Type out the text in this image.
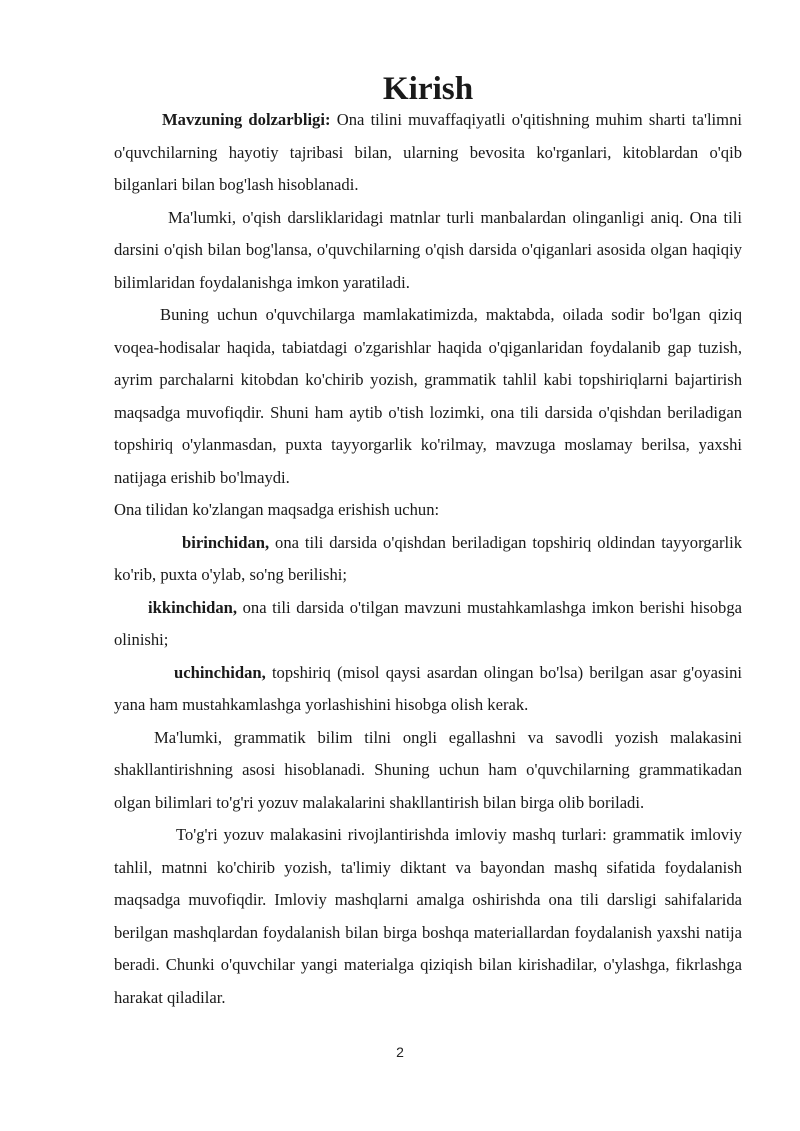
Kirish

Mavzuning dolzarbligi: Ona tilini muvaffaqiyatli o'qitishning muhim sharti ta'limni o'quvchilarning hayotiy tajribasi bilan, ularning bevosita ko'rganlari, kitoblardan o'qib bilganlari bilan bog'lash hisoblanadi.

Ma'lumki, o'qish darsliklaridagi matnlar turli manbalardan olinganligi aniq. Ona tili darsini o'qish bilan bog'lansa, o'quvchilarning o'qish darsida o'qiganlari asosida olgan haqiqiy bilimlaridan foydalanishga imkon yaratiladi.

Buning uchun o'quvchilarga mamlakatimizda, maktabda, oilada sodir bo'lgan qiziq voqea-hodisalar haqida, tabiatdagi o'zgarishlar haqida o'qiganlaridan foydalanib gap tuzish, ayrim parchalarni kitobdan ko'chirib yozish, grammatik tahlil kabi topshiriqlarni bajartirish maqsadga muvofiqdir. Shuni ham aytib o'tish lozimki, ona tili darsida o'qishdan beriladigan topshiriq o'ylanmasdan, puxta tayyorgarlik ko'rilmay, mavzuga moslamay berilsa, yaxshi natijaga erishib bo'lmaydi.

Ona tilidan ko'zlangan maqsadga erishish uchun:

birinchidan, ona tili darsida o'qishdan beriladigan topshiriq oldindan tayyorgarlik ko'rib, puxta o'ylab, so'ng berilishi;

ikkinchidan, ona tili darsida o'tilgan mavzuni mustahkamlashga imkon berishi hisobga olinishi;

uchinchidan, topshiriq (misol qaysi asardan olingan bo'lsa) berilgan asar g'oyasini yana ham mustahkamlashga yorlashishini hisobga olish kerak.

Ma'lumki, grammatik bilim tilni ongli egallashni va savodli yozish malakasini shakllantirishning asosi hisoblanadi. Shuning uchun ham o'quvchilarning grammatikadan olgan bilimlari to'g'ri yozuv malakalarini shakllantirish bilan birga olib boriladi.

To'g'ri yozuv malakasini rivojlantirishda imloviy mashq turlari: grammatik imloviy tahlil, matnni ko'chirib yozish, ta'limiy diktant va bayondan mashq sifatida foydalanish maqsadga muvofiqdir. Imloviy mashqlarni amalga oshirishda ona tili darsligi sahifalarida berilgan mashqlardan foydalanish bilan birga boshqa materiallardan foydalanish yaxshi natija beradi. Chunki o'quvchilar yangi materialga qiziqish bilan kirishadilar, o'ylashga, fikrlashga harakat qiladilar.

2
